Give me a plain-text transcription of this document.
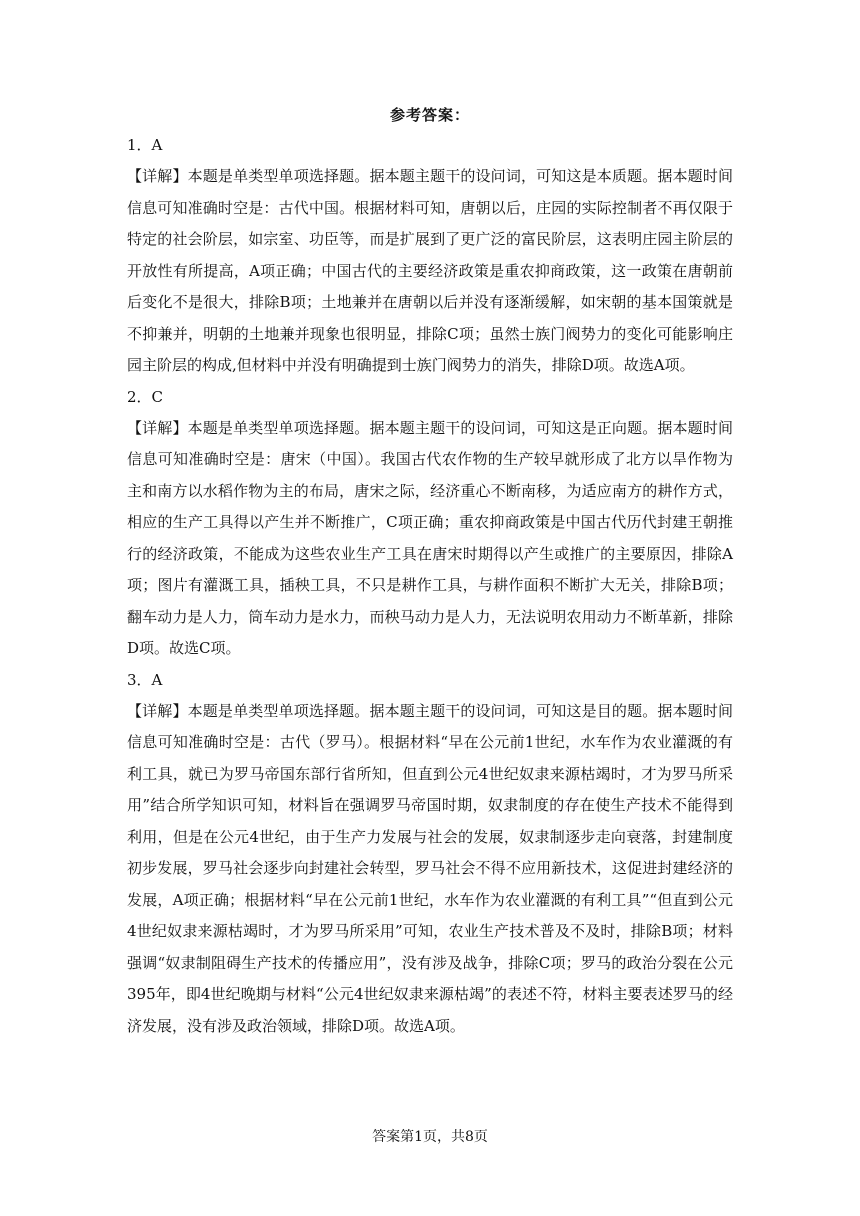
参考答案：
1．A
【详解】本题是单类型单项选择题。据本题主题干的设问词，可知这是本质题。据本题时间信息可知准确时空是：古代中国。根据材料可知，唐朝以后，庄园的实际控制者不再仅限于特定的社会阶层，如宗室、功臣等，而是扩展到了更广泛的富民阶层，这表明庄园主阶层的开放性有所提高，A项正确；中国古代的主要经济政策是重农抑商政策，这一政策在唐朝前后变化不是很大，排除B项；土地兼并在唐朝以后并没有逐渐缓解，如宋朝的基本国策就是不抑兼并，明朝的土地兼并现象也很明显，排除C项；虽然士族门阀势力的变化可能影响庄园主阶层的构成,但材料中并没有明确提到士族门阀势力的消失，排除D项。故选A项。
2．C
【详解】本题是单类型单项选择题。据本题主题干的设问词，可知这是正向题。据本题时间信息可知准确时空是：唐宋（中国）。我国古代农作物的生产较早就形成了北方以旱作物为主和南方以水稻作物为主的布局，唐宋之际，经济重心不断南移，为适应南方的耕作方式，相应的生产工具得以产生并不断推广，C项正确；重农抑商政策是中国古代历代封建王朝推行的经济政策，不能成为这些农业生产工具在唐宋时期得以产生或推广的主要原因，排除A项；图片有灌溉工具，插秧工具，不只是耕作工具，与耕作面积不断扩大无关，排除B项；翻车动力是人力，筒车动力是水力，而秧马动力是人力，无法说明农用动力不断革新，排除D项。故选C项。
3．A
【详解】本题是单类型单项选择题。据本题主题干的设问词，可知这是目的题。据本题时间信息可知准确时空是：古代（罗马）。根据材料“早在公元前1世纪，水车作为农业灌溉的有利工具，就已为罗马帝国东部行省所知，但直到公元4世纪奴隶来源枯竭时，才为罗马所采用”结合所学知识可知，材料旨在强调罗马帝国时期，奴隶制度的存在使生产技术不能得到利用，但是在公元4世纪，由于生产力发展与社会的发展，奴隶制逐步走向衰落，封建制度初步发展，罗马社会逐步向封建社会转型，罗马社会不得不应用新技术，这促进封建经济的发展，A项正确；根据材料“早在公元前1世纪，水车作为农业灌溉的有利工具”“但直到公元4世纪奴隶来源枯竭时，才为罗马所采用”可知，农业生产技术普及不及时，排除B项；材料强调“奴隶制阻碍生产技术的传播应用”，没有涉及战争，排除C项；罗马的政治分裂在公元395年，即4世纪晚期与材料“公元4世纪奴隶来源枯竭”的表述不符，材料主要表述罗马的经济发展，没有涉及政治领域，排除D项。故选A项。
答案第1页，共8页
